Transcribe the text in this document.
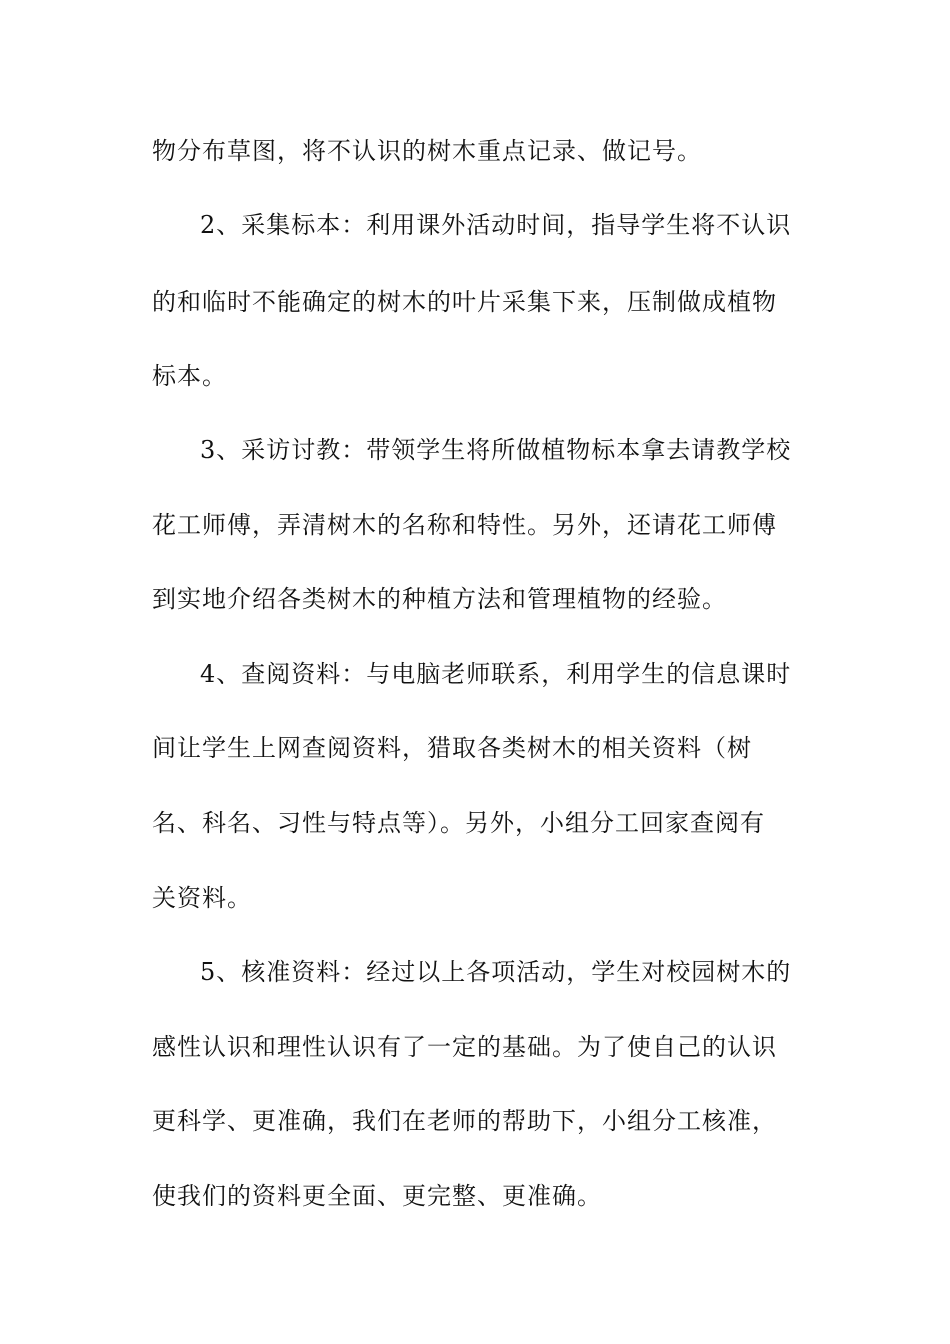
物分布草图，将不认识的树木重点记录、做记号。
2、采集标本：利用课外活动时间，指导学生将不认识
的和临时不能确定的树木的叶片采集下来，压制做成植物
标本。
3、采访讨教：带领学生将所做植物标本拿去请教学校
花工师傅，弄清树木的名称和特性。另外，还请花工师傅
到实地介绍各类树木的种植方法和管理植物的经验。
4、查阅资料：与电脑老师联系，利用学生的信息课时
间让学生上网查阅资料，猎取各类树木的相关资料（树
名、科名、习性与特点等）。另外，小组分工回家查阅有
关资料。
5、核准资料：经过以上各项活动，学生对校园树木的
感性认识和理性认识有了一定的基础。为了使自己的认识
更科学、更准确，我们在老师的帮助下，小组分工核准，
使我们的资料更全面、更完整、更准确。
